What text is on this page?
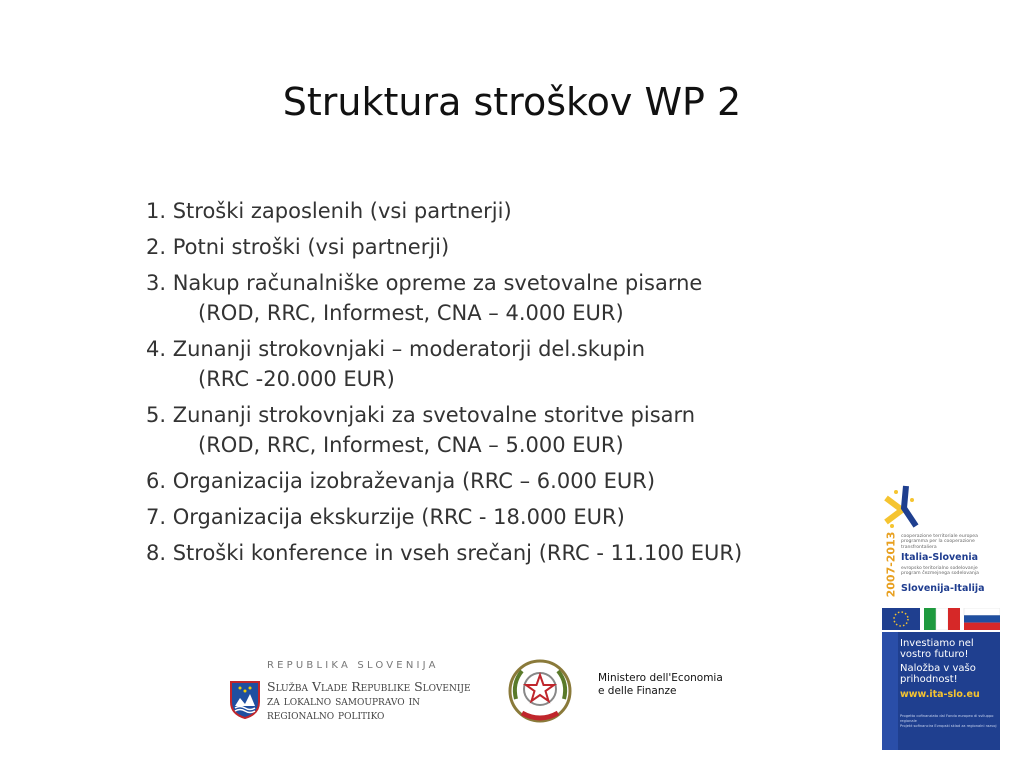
Struktura stroškov WP 2
1. Stroški zaposlenih (vsi partnerji)
2. Potni stroški (vsi partnerji)
3. Nakup računalniške opreme za svetovalne pisarne
(ROD, RRC, Informest, CNA – 4.000 EUR)
4. Zunanji strokovnjaki – moderatorji del.skupin
(RRC -20.000 EUR)
5. Zunanji strokovnjaki za svetovalne storitve pisarn
(ROD, RRC, Informest, CNA – 5.000 EUR)
6. Organizacija izobraževanja (RRC – 6.000 EUR)
7. Organizacija ekskurzije (RRC - 18.000 EUR)
8. Stroški konference in vseh srečanj (RRC - 11.100 EUR)
REPUBLIKA SLOVENIJA
Služba Vlade Republike Slovenije
za lokalno samoupravo in
regionalno politiko
Ministero dell'Economia
e delle Finanze
2007-2013 cooperazione territoriale europea
programma per la cooperazione
transfrontaliera
Italia-Slovenia
evropsko teritorialno sodelovanje
program čezmejnega sodelovanja
Slovenija-Italija
Investiamo nel
vostro futuro!
Naložba v vašo
prihodnost!
www.ita-slo.eu
Progetto cofinanziato dal Fondo europeo di sviluppo regionale
Projekt sofinancira Evropski sklad za regionalni razvoj
